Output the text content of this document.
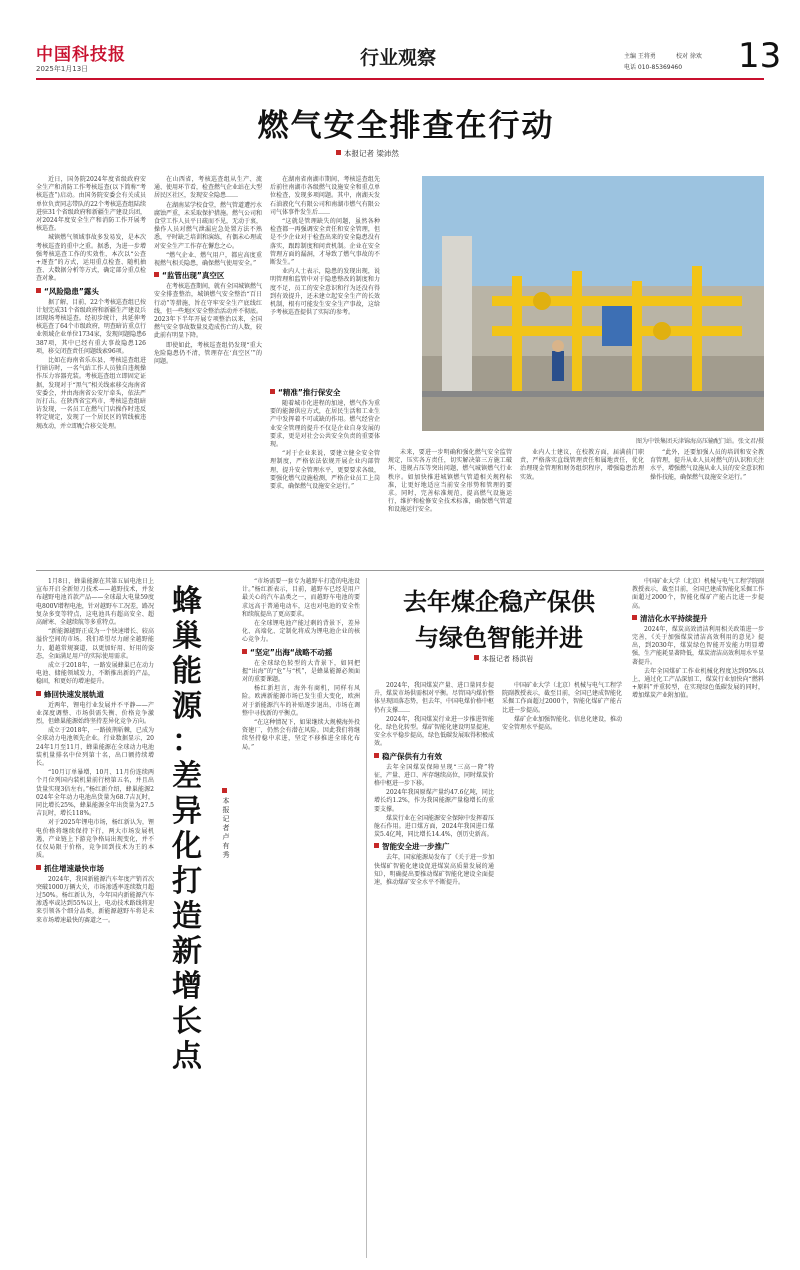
中国科技报
2025年1月13日	行业观察	主编 王将勇	校对 徐欢
电话 010-85369460 13
燃气安全排查在行动
本报记者 梁沛然

近日，国务院2024年度省级政府安全生产和消防工作考核巡查(以下简称“考核巡查”)启动。由国务院安委会有关成员单位负责同志带队的22个考核巡查组陆续进驻31个省级政府和新疆生产建设兵团，对2024年度安全生产和消防工作开展考核巡查。

城镇燃气领域事故多发易发，是本次考核巡查的重中之重。据悉，为进一步增强考核巡查工作的实效性，本次以“公查+逐查”的方式，运用重点检查、随机抽查、大数据分析等方式，确定部分重点检查对象。

“风险隐患”露头

据了解，目前，22个考核巡查组已按计划完成31个省级政府和新疆生产建设兵团现场考核巡查。经初步统计，共延伸考核巡查了64个市级政府，明查暗访重点行业领域企业单位1734家，发现问题隐患6387项，其中已经有重大事故隐患126项，移交闭查责任问题线索96项。

比如在海南省乐东县，考核巡查组进行暗访时，一名气站工作人员独自违规操作压力容器充装。考核巡查组立即固定证据，发现对于“黑气”相关线索移交海南省安委会，并由海南省公安厅牵头，依法严厉打击。在陕西省宝鸡市，考核巡查组暗访发现，一名员工在燃气门店操作时违反特定规定，发现了一个居民区的管线被违规改动，并立即配合移交处理。

在山西省，考核巡查组从生产、流通、使用环节看，检查燃气企业站在大型居民区社区，发现安全隐患……

在湖南某学校食堂，燃气管道遭污水腐蚀严重，未采取保护措施。燃气公司和食堂工作人员平日疏而不见，无动于衷，操作人员对燃气泄漏应急处置方法不熟悉，平时缺乏培训和演练，有偶未心理或对安全生产工作存在懈怠之心。

“燃气企业、燃气用户，都应高度重视燃气相关隐患，确保燃气使用安全。”

“监管出现”真空区

在考核巡查期间，就有全国城镇燃气安全排查整治，城镇燃气安全整治“百日行动”等措施，旨在守牢安全生产底线红线，但一些地区安全整治活动并不彻底。2023年下半年开展专项整治以来，全国燃气安全事故数量及造成伤亡的人数，较此前有明显下降。

即使如此，考核巡查组仍发现“重大危险隐患仍不清，管理存在‘真空区’”的问题。

在湖南省南湖市期间，考核巡查组先后前往南湖市各级燃气设施安全和重点单位检查，发现多项问题。其中，南湖天发石油液化气有限公司和南湖市燃气有限公司气体事件发生后……

“这就是管理缺失的问题，虽然各种检查都一再强调安全责任和安全管理，但是不少企业对于检查出来的安全隐患没有落实，跟踪制度和问责机制。企业在安全管理方面的漏洞，才导致了燃气事故的不断发生。”

业内人士表示，隐患的发现出现，说明管理和监管中对于隐患整改的制度和力度不足，员工的安全意识和行为还没有得到有效提升，还未建立起安全生产的长效机制，根有可能发生安全生产事故，这给予考核巡查提供了实际的参考。

图为中铁集团天津锦海高压输配门站。张文君/摄
“精准”推行保安全

随着城市化进程的加速，燃气作为重要的能源供应方式，在居民生活和工业生产中发挥着不可或缺的作用。燃气经营企业安全管理的提升不仅是企业自身发展的要求，更是对社会公共安全负责的重要体现。

“对于企业来说，要建立健全安全管理制度，严格依法依规开展企业内部管理，提升安全管理水平，更要要求各级，要强化燃气设施检测，严格企业员工上岗要求，确保燃气设施安全运行。”

未来，要进一步明确和强化燃气安全监管规定，压实各方责任，切实解决第三方施工破坏、违规占压等突出问题，燃气城镇燃气行业秩序。如加快推进城镇燃气管道相关规程标准，让更好地适应当前安全形势和管理的要求。同时，完善标准规范，提高燃气设施运行，维护和检修安全技术标准，确保燃气管道和设施运行安全。

业内人士建议，在校教方面，届满前门职责，严格落实直线管理责任和属地责任，优化治理现金管理和财务组织程序，增强隐患治理实效。

“此外，还要加强人员的培训和安全教育管理，提升从业人员对燃气的认识和关注水平，增强燃气设施从业人员的安全意识和操作技能，确保燃气设施安全运行。”

1月8日，蜂巢能源在其第五届电池日上宣布开启全新短刀技术——越野技术，并发布越野电池首款产品——全球最大电量59度电800V增程电池，针对越野车工况差，路况复杂多变等特点，这电池具有超高安全、超高耐寒、全越续航等多重特点。

“新能源越野正成为一个快速增长、较高溢价空间的市场。我们希望尽力耐全越野能力、超越常规赛道，以更加好用、好用的姿态，全面满足用户的实际使用需求。

成立于2018年，一路发展蜂巢已在动力电池、储能领域发力，不断推出新的产品，稳固，和更好的增速提升。

蜂回快速发展轨道

近两年，锂电行业发展并不平静——产业深度调整、市场供需失衡、价格竞争激烈，但蜂巢能源始终坚持差异化竞争方向。

成立于2018年，一路披荆斩棘，已成为全球动力电池领先企业。行业数据显示，2024年1月至11月，蜂巢能源在全球动力电池装机量排名中位列第十名，出口额持续增长。

“10月订单暴增，10月、11月份连续两个月位列国内装机量前行榜第五名，并且出货量实现3倍左右。”杨红新介绍，蜂巢能源2024年全年动力电池出货量为68.7吉瓦时，同比增长25%，蜂巢能源全年出货量为27.5吉瓦时，增长118%。

对于2025年锂电市场，杨红新认为，锂电价格将继续保持下行，两大市场发展机遇，产业链上下游竞争格局出现变化，并不仅仅局限于价格，竞争回到技术为王的本质。

抓住增速最快市场

2024年，我国新能源汽车年度产销首次突破1000万辆大关，市场渗透率连续数月超过50%。杨红新认为，今年国内新能源汽车渗透率或达到55%以上，电动技术路线将迎来引领各个细分品类，新能源越野车将是未来市场增速最快的赛道之一。

蜂
巢
能
源
：
差
异
化
打
造
新
增
长
点
本
报
记
者
卢
有
秀

“市场需要一套专为越野车打造的电池设计。”杨红新表示，目前，越野车已经是用户最关心的汽车品类之一，而越野车电池的要求远高于普通电动车，这也对电池的安全性和续航提出了更高要求。

在全球锂电池产能过剩的背景下，差异化、高端化、定制化将成为锂电池企业的核心竞争力。

“坚定”出海“战略不动摇

在全球绿色转型的大背景下，如同把握“出海”的“危”与“机”，是蜂巢能源必须面对的重要课题。

杨红新坦言，海外有商机，同样有风险。欧洲新能源市场已发生重大变化，欧洲对于新能源汽车的补贴逐步退出，市场在调整中寻找新的平衡点。

“在这种情况下，如果继续大规模海外投资建厂，仍然会有潜在风险。因此我们将继续坚持稳中求进，坚定不移推进全球化布局。”

去年煤企稳产保供
与绿色智能并进
本报记者 杨洪岩

2024年，我国煤炭产量、进口量同步提升，煤炭市场供需相对平衡。尽管国内煤价整体呈现回落态势，但去年，中国电煤价格中枢仍有支撑……

2024年，我国煤炭行业进一步推进智能化、绿色化转型。煤矿智能化建设明显提速，安全水平稳步提高，绿色低碳发展取得积极成效。

稳产保供有力有效

去年全国煤炭保障呈现“三高一降”特征，产量、进口、库存继续高位，同时煤炭价格中枢进一步下移。

2024年我国原煤产量约47.6亿吨，同比增长约1.2%，作为我国能源产量稳增长的重要支撑。

煤炭行业在全国能源安全保障中发挥着压舱石作用。进口煤方面，2024年我国进口煤炭5.4亿吨，同比增长14.4%，创历史新高。

智能安全进一步推广

去年，国家能源局发布了《关于进一步加快煤矿智能化建设促进煤炭高质量发展的通知》，明确提出要推动煤矿智能化建设全面提速，推动煤矿安全水平不断提升。

中国矿业大学（北京）机械与电气工程学院副教授表示，截至目前，全国已建成智能化采掘工作面超过2000个，智能化煤矿产能占比进一步提高。

煤矿企业加强智能化、信息化建设，推动安全管理水平提高。

中国矿业大学（北京）机械与电气工程学院副教授表示，截至目前，全国已建成智能化采掘工作面超过2000个，智能化煤矿产能占比进一步提高。

清洁化水平持续提升

2024年，煤炭高效清洁利用相关政策进一步完善，《关于加强煤炭清洁高效利用的意见》提出，到2030年，煤炭绿色智能开发能力明显增强，生产能耗显著降低，煤炭清洁高效利用水平显著提升。

去年全国煤矿工作业机械化程度达到95%以上，通过化工产品深加工，煤炭行业加快向“燃料+原料”并重转型，在实现绿色低碳发展的同时，增加煤炭产业附加值。
